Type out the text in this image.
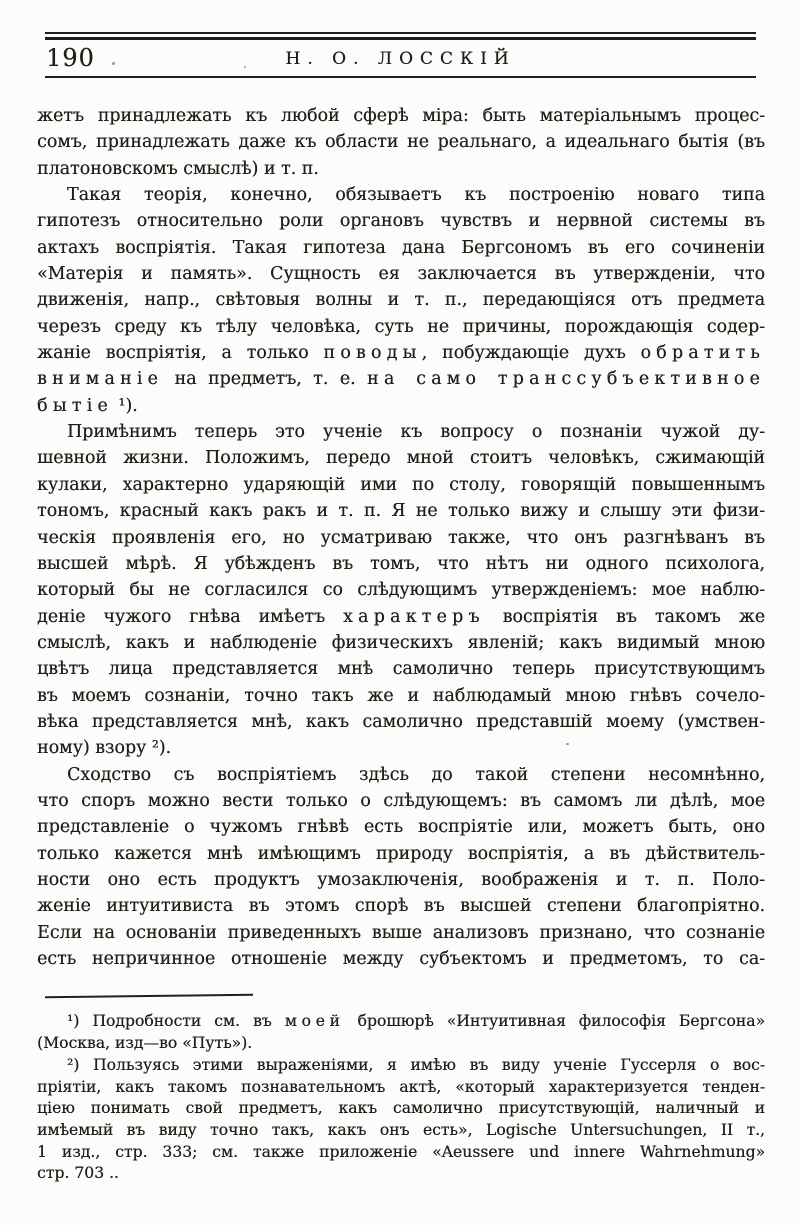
190	Н. О. ЛОССКІЙ
жетъ принадлежать къ любой сферѣ міра: быть матеріальнымъ процес-
сомъ, принадлежать даже къ области не реальнаго, а идеальнаго бытія (въ
платоновскомъ смыслѣ) и т. п.
Такая теорія, конечно, обязываетъ къ построенію новаго типа
гипотезъ относительно роли органовъ чувствъ и нервной системы въ
актахъ воспріятія. Такая гипотеза дана Бергсономъ въ его сочиненіи
«Матерія и память». Сущность ея заключается въ утвержденіи, что
движенія, напр., свѣтовыя волны и т. п., передающіяся отъ предмета
черезъ среду къ тѣлу человѣка, суть не причины, порождающія содер-
жаніе воспріятія, а только поводы, побуждающіе духъ обратить
вниманіе на предметъ, т. е. на само транссубъективное
бытіе ¹).
Примѣнимъ теперь это ученіе къ вопросу о познаніи чужой ду-
шевной жизни. Положимъ, передо мной стоитъ человѣкъ, сжимающій
кулаки, характерно ударяющій ими по столу, говорящій повышеннымъ
тономъ, красный какъ ракъ и т. п. Я не только вижу и слышу эти физи-
ческія проявленія его, но усматриваю также, что онъ разгнѣванъ въ
высшей мѣрѣ. Я убѣжденъ въ томъ, что нѣтъ ни одного психолога,
который бы не согласился со слѣдующимъ утвержденіемъ: мое наблю-
деніе чужого гнѣва имѣетъ характеръ воспріятія въ такомъ же
смыслѣ, какъ и наблюденіе физическихъ явленій; какъ видимый мною
цвѣтъ лица представляется мнѣ самолично теперь присутствующимъ
въ моемъ сознаніи, точно такъ же и наблюдамый мною гнѣвъ сочело-
вѣка представляется мнѣ, какъ самолично представшій моему (умствен-
ному) взору ²).
Сходство съ воспріятіемъ здѣсь до такой степени несомнѣнно,
что споръ можно вести только о слѣдующемъ: въ самомъ ли дѣлѣ, мое
представленіе о чужомъ гнѣвѣ есть воспріятіе или, можетъ быть, оно
только кажется мнѣ имѣющимъ природу воспріятія, а въ дѣйствитель-
ности оно есть продуктъ умозаключенія, воображенія и т. п. Поло-
женіе интуитивиста въ этомъ спорѣ въ высшей степени благопріятно.
Если на основаніи приведенныхъ выше анализовъ признано, что сознаніе
есть непричинное отношеніе между субъектомъ и предметомъ, то са-
¹) Подробности см. въ моей брошюрѣ «Интуитивная философія Бергсона»
(Москва, изд—во «Путь»).
²) Пользуясь этими выраженіями, я имѣю въ виду ученіе Гуссерля о вос-
пріятіи, какъ такомъ познавательномъ актѣ, «который характеризуется тенден-
ціею понимать свой предметъ, какъ самолично присутствующій, наличный и
имѣемый въ виду точно такъ, какъ онъ есть», Logische Untersuchungen, II т.,
1 изд., стр. 333; см. также приложеніе «Aeussere und innere Wahrnehmung»
стр. 703 ..
